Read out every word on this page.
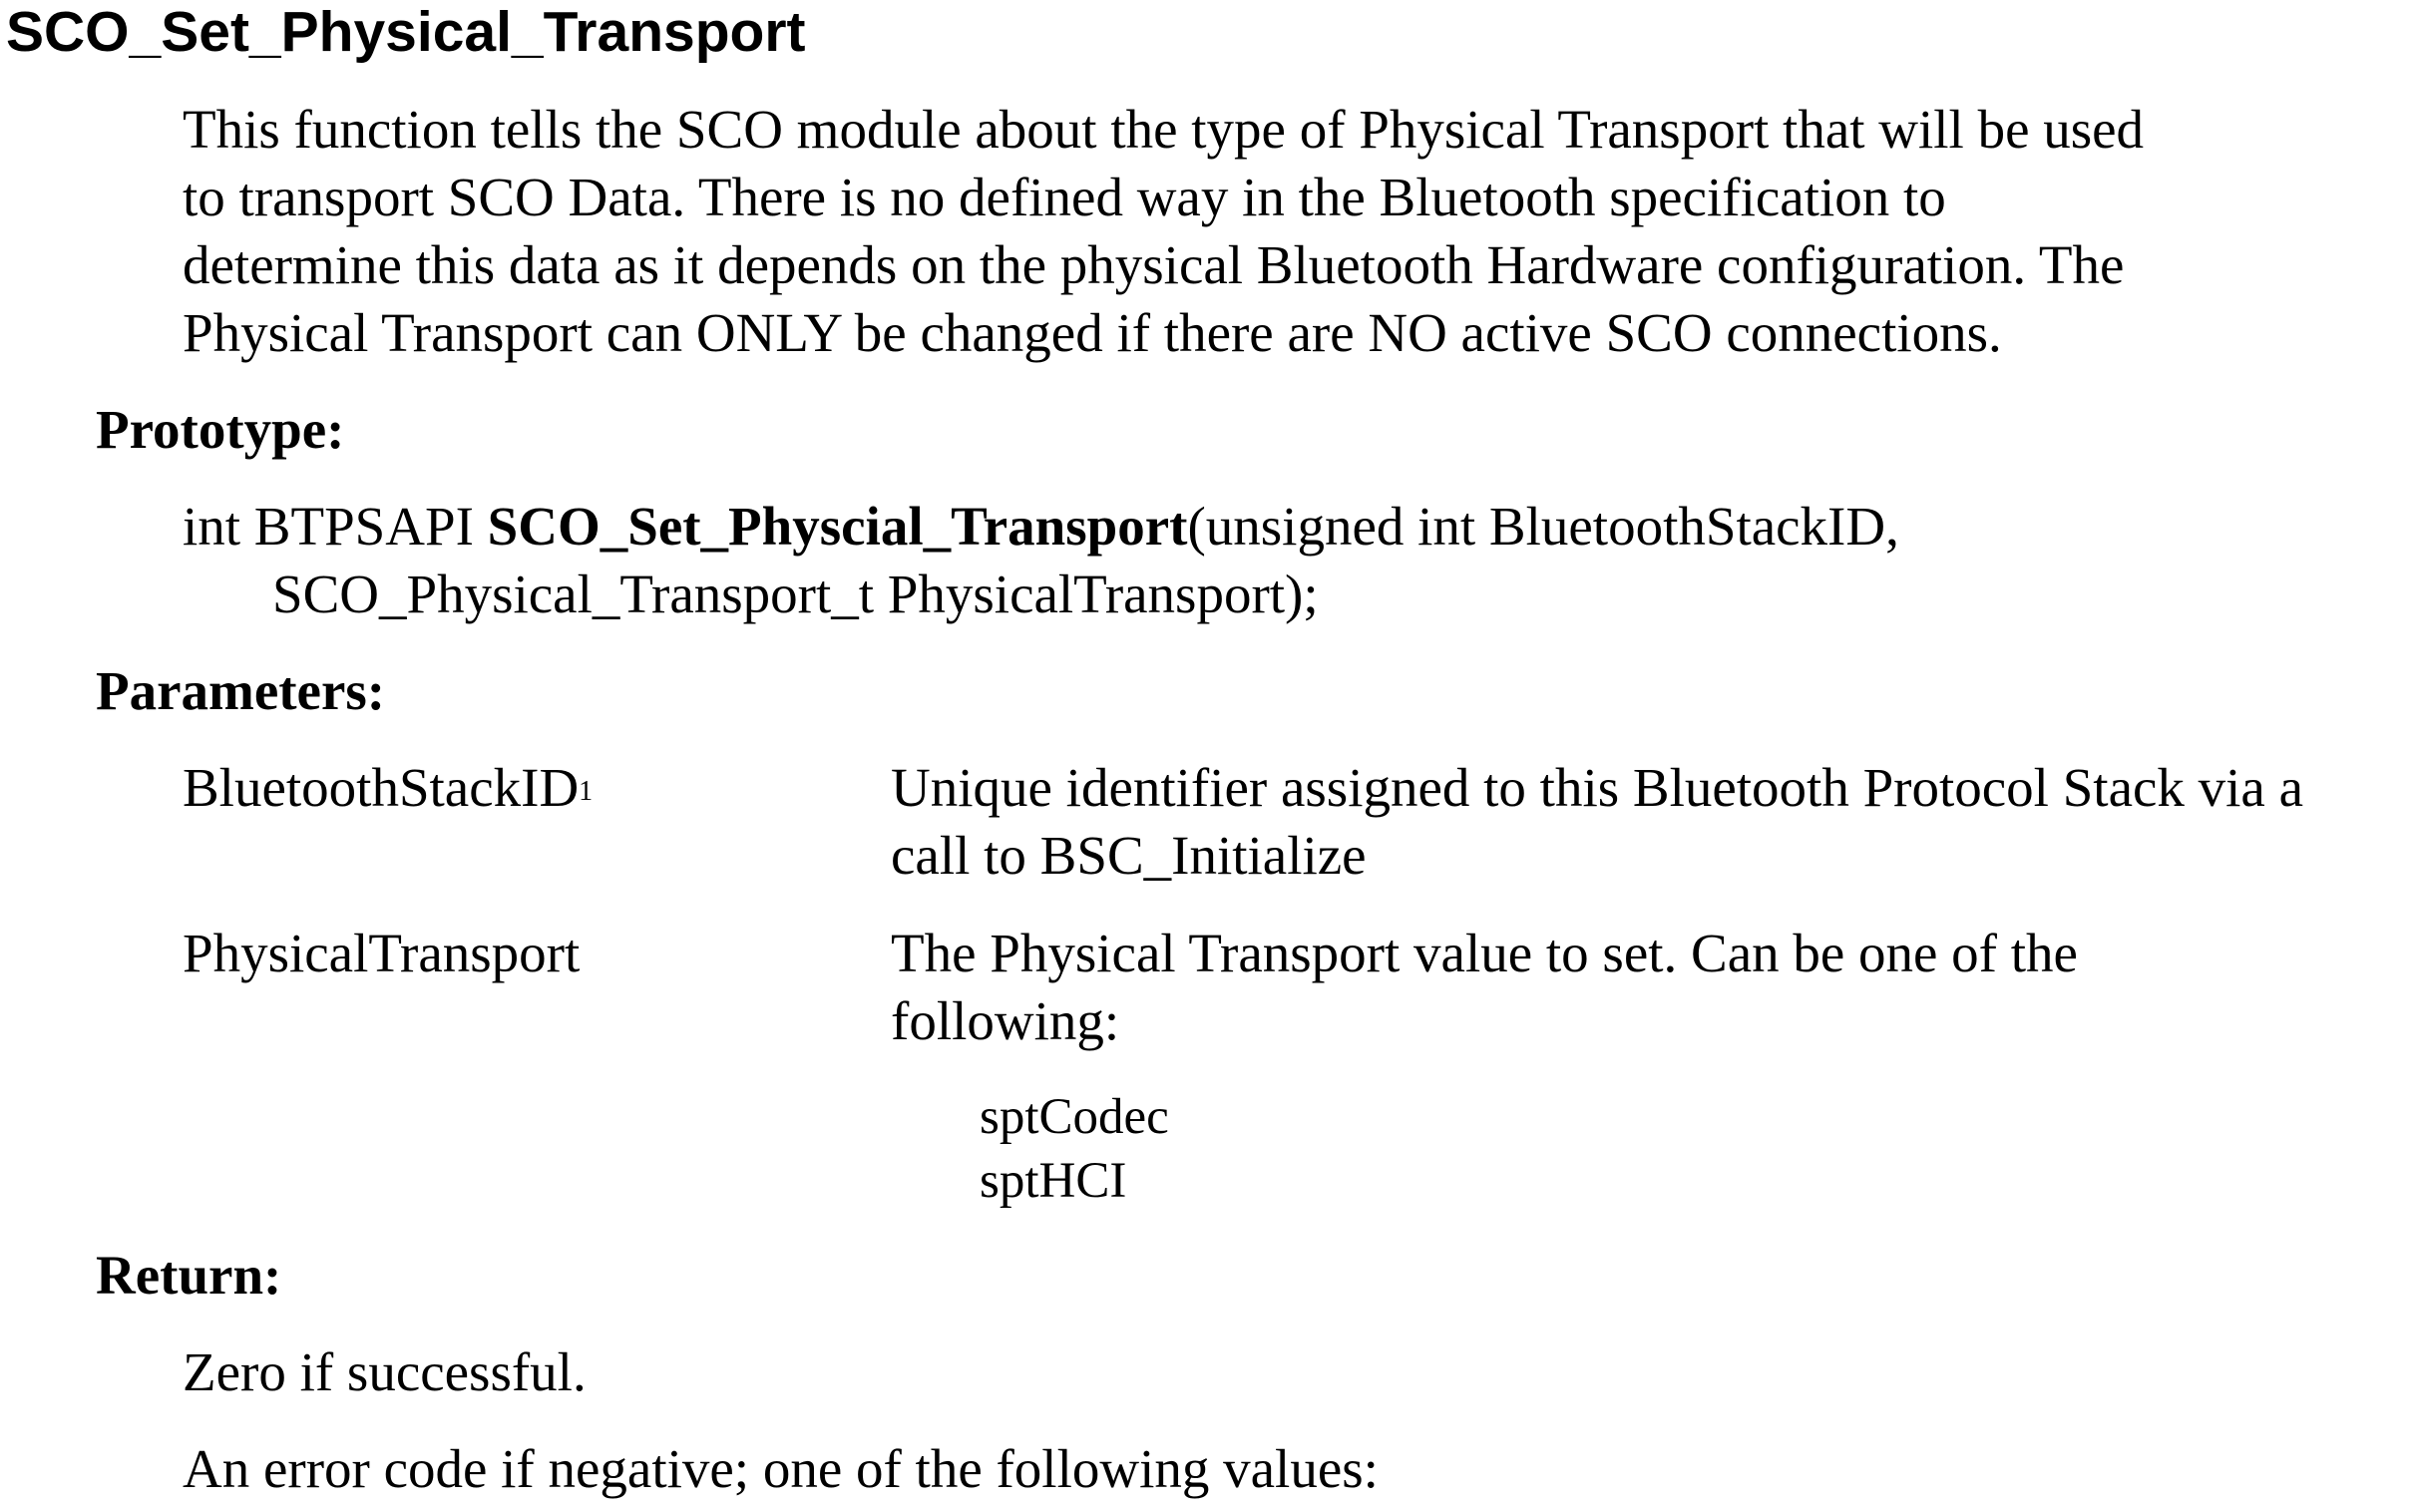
SCO_Set_Physical_Transport
This function tells the SCO module about the type of Physical Transport that will be used
to transport SCO Data. There is no defined way in the Bluetooth specification to
determine this data as it depends on the physical Bluetooth Hardware configuration. The
Physical Transport can ONLY be changed if there are NO active SCO connections.
Prototype:
int BTPSAPI SCO_Set_Physcial_Transport(unsigned int BluetoothStackID,
SCO_Physical_Transport_t PhysicalTransport);
Parameters:
BluetoothStackID$^1$	Unique identifier assigned to this Bluetooth Protocol Stack via a
call to BSC_Initialize
PhysicalTransport	The Physical Transport value to set. Can be one of the
following:
sptCodec
sptHCI
Return:
Zero if successful.
An error code if negative; one of the following values:
